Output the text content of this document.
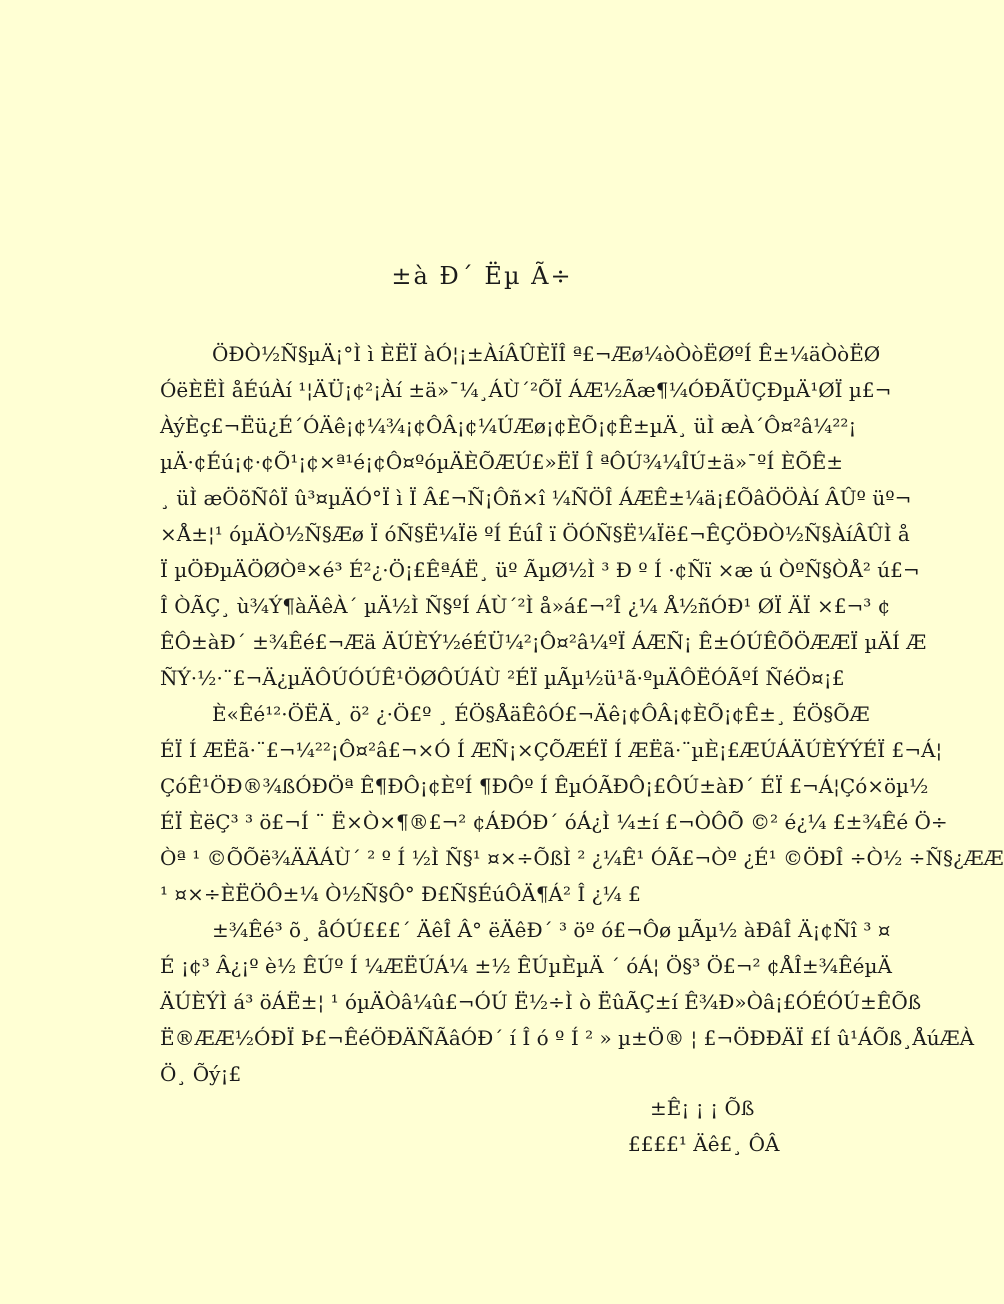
±à Ð´ Ëµ Ã÷
ÖÐÒ½Ñ§µÄ¡°Ì ì ÈËÏ àÓ¦¡±ÀíÂÛÈÏÎ ª£¬Æø¼òÒòËØºÍ Ê±¼äÒòËØ
ÓëÈËÌ åÉúÀí ¹¦ÄÜ¡¢²¡Àí ±ä»¯¼¸ÁÙ´²ÕÏ ÁÆ½Ãæ¶¼ÓÐÃÜÇÐµÄ¹ØÏ µ£¬
ÀýÈç£¬Ëü¿É´ÓÄê¡¢¼¾¡¢ÔÂ¡¢¼ÚÆø¡¢ÈÕ¡¢Ê±µÄ¸ üÌ æÀ´Ô¤²â¼²²¡
µÄ·¢Éú¡¢·¢Õ¹¡¢×ª¹é¡¢Ô¤ºóµÄÈÕÆÚ£»ËÏ Î ªÔÚ¾¼ÎÚ±ä»¯ºÍ ÈÕÊ±
¸ üÌ æÖõÑôÏ û³¤µÄÓ°Ï ì Ï Â£¬Ñ¡Ôñ×î ¼ÑÖÎ ÁÆÊ±¼ä¡£ÕâÖÖÀí ÂÛº üº¬
×Å±¦¹ óµÄÒ½Ñ§Æø Ï óÑ§Ë¼Ïë ºÍ ÉúÎ ï ÖÓÑ§Ë¼Ïë£¬ÊÇÖÐÒ½Ñ§ÀíÂÛÌ å
Ï µÖÐµÄÖØÒª×é³ É²¿·Ö¡£ÊªÁË¸ üº ÃµØ½Ì ³ Ð º Í ·¢Ñï ×æ ú ÒºÑ§ÒÅ² ú£¬
Î ÒÃÇ¸ ù¾Ý¶àÄêÀ´ µÄ½Ì Ñ§ºÍ ÁÙ´²Ì å»á£¬²Î ¿¼ Å½ñÓÐ¹ ØÏ ÄÏ ×£¬³ ¢
ÊÔ±àÐ´ ±¾Êé£¬Æä ÄÚÈÝ½éÉÜ¼²¡Ô¤²â¼ºÏ ÁÆÑ¡ Ê±ÓÚÊÕÖÆÆÏ µÄÍ Æ
ÑÝ·½·¨£¬Ä¿µÄÔÚÓÚÊ¹ÖØÔÚÁÙ ²ÉÏ µÃµ½ü¹ã·ºµÄÔËÓÃºÍ ÑéÖ¤¡£
È«Êé¹²·ÖËÄ¸ ö² ¿·Ö£º ¸ ÉÖ§ÅäÊôÓ£¬Äê¡¢ÔÂ¡¢ÈÕ¡¢Ê±¸ ÉÖ§ÕÆ
ÉÏ Í ÆËã·¨£¬¼²²¡Ô¤²â£¬×Ó Í ÆÑ¡×ÇÕÆÉÏ Í ÆËã·¨µÈ¡£ÆÚÁÄÚÈÝÝÉÏ £¬Á¦
ÇóÊ¹ÖÐ®¾ßÓÐÖª Ê¶ÐÔ¡¢ÈºÍ ¶ÐÔº Í ÊµÓÃÐÔ¡£ÔÚ±àÐ´ ÉÏ £¬Á¦Çó×öµ½
ÉÏ ÈëÇ³ ³ ö£¬Í ¨ Ë×Ò×¶®£¬² ¢ÁÐÓÐ´ óÁ¿Ì ¼±í £¬ÒÔÕ ©² é¿¼ £±¾Êé Ö÷
Òª ¹ ©ÕÕë¾ÄÄÁÙ´ ² º Í ½Ì Ñ§¹ ¤×÷ÕßÌ ² ¿¼Ê¹ ÓÃ£¬Òº ¿É¹ ©ÖÐÎ ÷Ò½ ÷Ñ§¿ÆÆ
¹ ¤×÷ÈËÖÔ±¼ Ò½Ñ§Ô° Ð£Ñ§ÉúÔÄ¶Á² Î ¿¼ £
±¾Êé³ õ¸ åÓÚ£££´ ÄêÎ Â° ëÄêÐ´ ³ öº ó£¬Ôø µÃµ½ àÐâÎ Ä¡¢Ñî ³ ¤
É ¡¢³ Â¿¡º è½ ÊÚº Í ¼ÆËÚÁ¼ ±½ ÊÚµÈµÄ ´ óÁ¦ Ö§³ Ö£¬² ¢ÅÎ±¾ÊéµÄ
ÄÚÈÝÌ á³ öÁË±¦ ¹ óµÄÒâ¼û£¬ÓÚ Ë½÷Ì ò ËûÃÇ±í Ê¾Ð»Òâ¡£ÓÉÓÚ±ÊÕß
Ë®ÆÆ½ÓÐÏ Þ£¬ÊéÖÐÄÑÃâÓÐ´ í Î ó º Í ² » µ±Ö® ¦ £¬ÖÐÐÄÏ £Í û¹ÁÕß¸ÅúÆÀ
Ö¸ Õý¡£
±Ê¡ ¡ ¡ Õß
££££¹ Äê£¸ ÔÂ
